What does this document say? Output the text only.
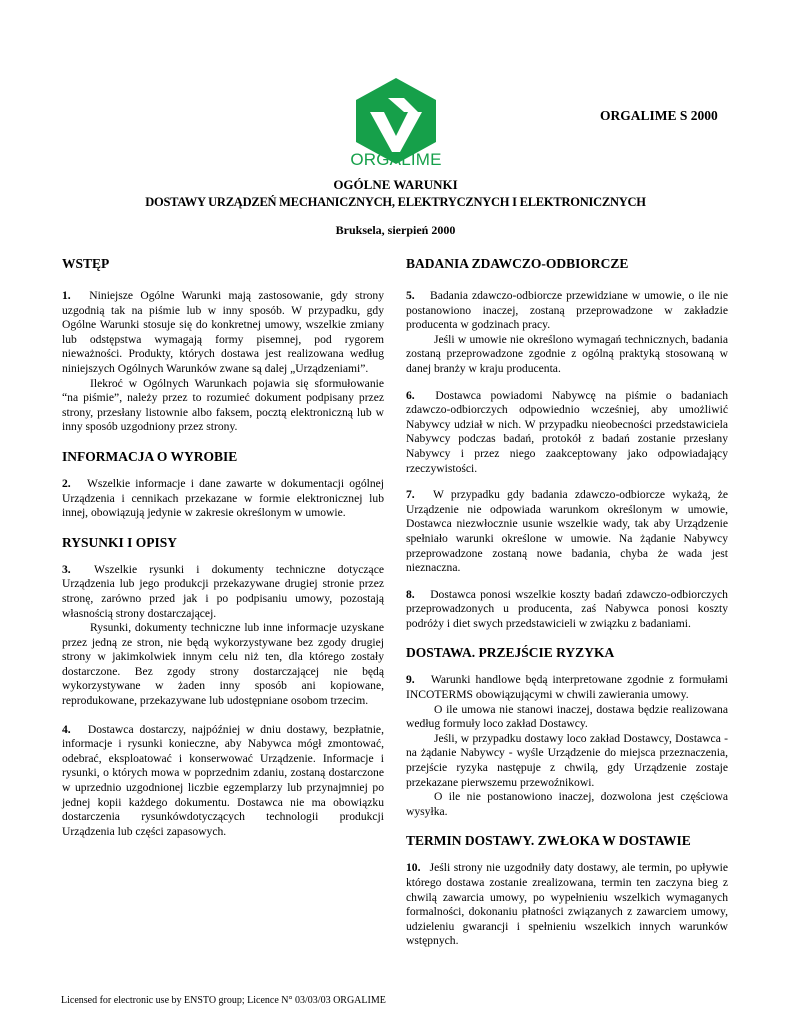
ORGALIME
ORGALIME S 2000
OGÓLNE WARUNKI
DOSTAWY URZĄDZEŃ MECHANICZNYCH, ELEKTRYCZNYCH I ELEKTRONICZNYCH
Bruksela, sierpień 2000
WSTĘP

1. Niniejsze Ogólne Warunki mają zastosowanie, gdy strony uzgodnią tak na piśmie lub w inny sposób. W przypadku, gdy Ogólne Warunki stosuje się do konkretnej umowy, wszelkie zmiany lub odstępstwa wymagają formy pisemnej, pod rygorem nieważności. Produkty, których dostawa jest realizowana według niniejszych Ogólnych Warunków zwane są dalej „Urządzeniami”.

Ilekroć w Ogólnych Warunkach pojawia się sformułowanie “na piśmie”, należy przez to rozumieć dokument podpisany przez strony, przesłany listownie albo faksem, pocztą elektroniczną lub w inny sposób uzgodniony przez strony.

INFORMACJA O WYROBIE

2. Wszelkie informacje i dane zawarte w dokumentacji ogólnej Urządzenia i cennikach przekazane w formie elektronicznej lub innej, obowiązują jedynie w zakresie określonym w umowie.

RYSUNKI I OPISY

3. Wszelkie rysunki i dokumenty techniczne dotyczące Urządzenia lub jego produkcji przekazywane drugiej stronie przez stronę, zarówno przed jak i po podpisaniu umowy, pozostają własnością strony dostarczającej.

Rysunki, dokumenty techniczne lub inne informacje uzyskane przez jedną ze stron, nie będą wykorzystywane bez zgody drugiej strony w jakimkolwiek innym celu niż ten, dla którego zostały dostarczone. Bez zgody strony dostarczającej nie będą wykorzystywane w żaden inny sposób ani kopiowane, reprodukowane, przekazywane lub udostępniane osobom trzecim.

4. Dostawca dostarczy, najpóźniej w dniu dostawy, bezpłatnie, informacje i rysunki konieczne, aby Nabywca mógł zmontować, odebrać, eksploatować i konserwować Urządzenie. Informacje i rysunki, o których mowa w poprzednim zdaniu, zostaną dostarczone w uprzednio uzgodnionej liczbie egzemplarzy lub przynajmniej po jednej kopii każdego dokumentu. Dostawca nie ma obowiązku dostarczenia rysunkówdotyczących technologii produkcji Urządzenia lub części zapasowych.

BADANIA ZDAWCZO-ODBIORCZE

5. Badania zdawczo-odbiorcze przewidziane w umowie, o ile nie postanowiono inaczej, zostaną przeprowadzone w zakładzie producenta w godzinach pracy.

Jeśli w umowie nie określono wymagań technicznych, badania zostaną przeprowadzone zgodnie z ogólną praktyką stosowaną w danej branży w kraju producenta.

6. Dostawca powiadomi Nabywcę na piśmie o badaniach zdawczo-odbiorczych odpowiednio wcześniej, aby umożliwić Nabywcy udział w nich. W przypadku nieobecności przedstawiciela Nabywcy podczas badań, protokół z badań zostanie przesłany Nabywcy i przez niego zaakceptowany jako odpowiadający rzeczywistości.

7. W przypadku gdy badania zdawczo-odbiorcze wykażą, że Urządzenie nie odpowiada warunkom określonym w umowie, Dostawca niezwłocznie usunie wszelkie wady, tak aby Urządzenie spełniało warunki określone w umowie. Na żądanie Nabywcy przeprowadzone zostaną nowe badania, chyba że wada jest nieznaczna.

8. Dostawca ponosi wszelkie koszty badań zdawczo-odbiorczych przeprowadzonych u producenta, zaś Nabywca ponosi koszty podróży i diet swych przedstawicieli w związku z badaniami.

DOSTAWA. PRZEJŚCIE RYZYKA

9. Warunki handlowe będą interpretowane zgodnie z formułami INCOTERMS obowiązującymi w chwili zawierania umowy.

O ile umowa nie stanowi inaczej, dostawa będzie realizowana według formuły loco zakład Dostawcy.

Jeśli, w przypadku dostawy loco zakład Dostawcy, Dostawca - na żądanie Nabywcy - wyśle Urządzenie do miejsca przeznaczenia, przejście ryzyka następuje z chwilą, gdy Urządzenie zostaje przekazane pierwszemu przewoźnikowi.

O ile nie postanowiono inaczej, dozwolona jest częściowa wysyłka.

TERMIN DOSTAWY. ZWŁOKA W DOSTAWIE

10. Jeśli strony nie uzgodniły daty dostawy, ale termin, po upływie którego dostawa zostanie zrealizowana, termin ten zaczyna bieg z chwilą zawarcia umowy, po wypełnieniu wszelkich wymaganych formalności, dokonaniu płatności związanych z zawarciem umowy, udzieleniu gwarancji i spełnieniu wszelkich innych warunków wstępnych.

Licensed for electronic use by ENSTO group; Licence N° 03/03/03 ORGALIME
